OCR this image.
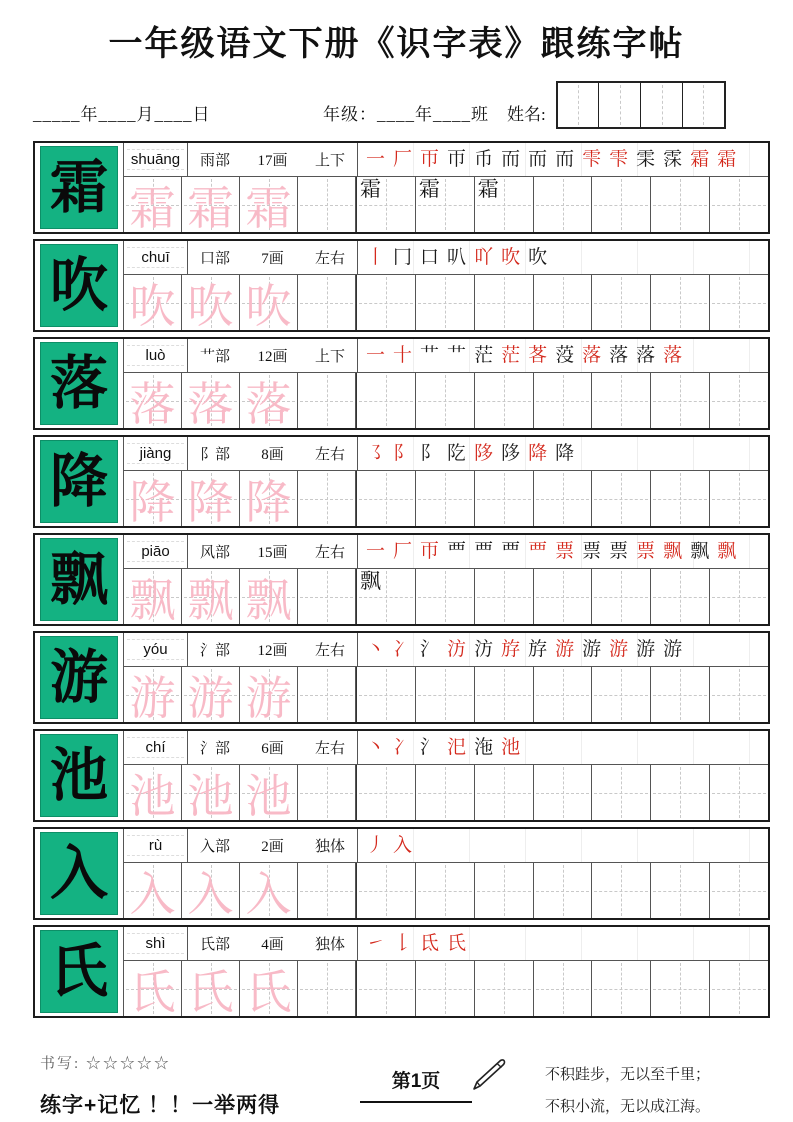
一年级语文下册《识字表》跟练字帖
_____年____月____日	年级：____年____班 姓名:
霜 shuāng 雨部 17画 上下 一 厂 帀 帀 币 而 而 而 雫 雫 雬 霂 霜 霜
霜 霜 霜	霜 霜 霜
吹 chuī 口部 7画 左右 丨 冂 口 叭 吖 吹 吹
吹 吹 吹
落 luò 艹部 12画 上下 一 十 艹 艹 茫 茫 茖 莈 落 落 落 落
落 落 落
降 jiàng 阝部 8画 左右 ㇌ 阝 阝 阣 陊 陊 降 降
降 降 降
飘 piāo 风部 15画 左右 一 厂 帀 覀 覀 覀 覀 票 票 票 票 飘 飘 飘
飘 飘 飘	飘
游 yóu 氵部 12画 左右 丶 冫 氵 汸 汸 斿 斿 游 游 游 游 游
游 游 游
池 chí 氵部 6画 左右 丶 冫 氵 汜 沲 池
池 池 池
入	rù	入部 2画 独体 丿 入
入 入 入
氏 shì 氏部 4画 独体 ㇀ 𠄌 氐 氏
氏 氏 氏
书写: ☆☆☆☆☆
练字+记忆 ！！一举两得
第1页	不积跬步，无以至千里；
不积小流，无以成江海。
